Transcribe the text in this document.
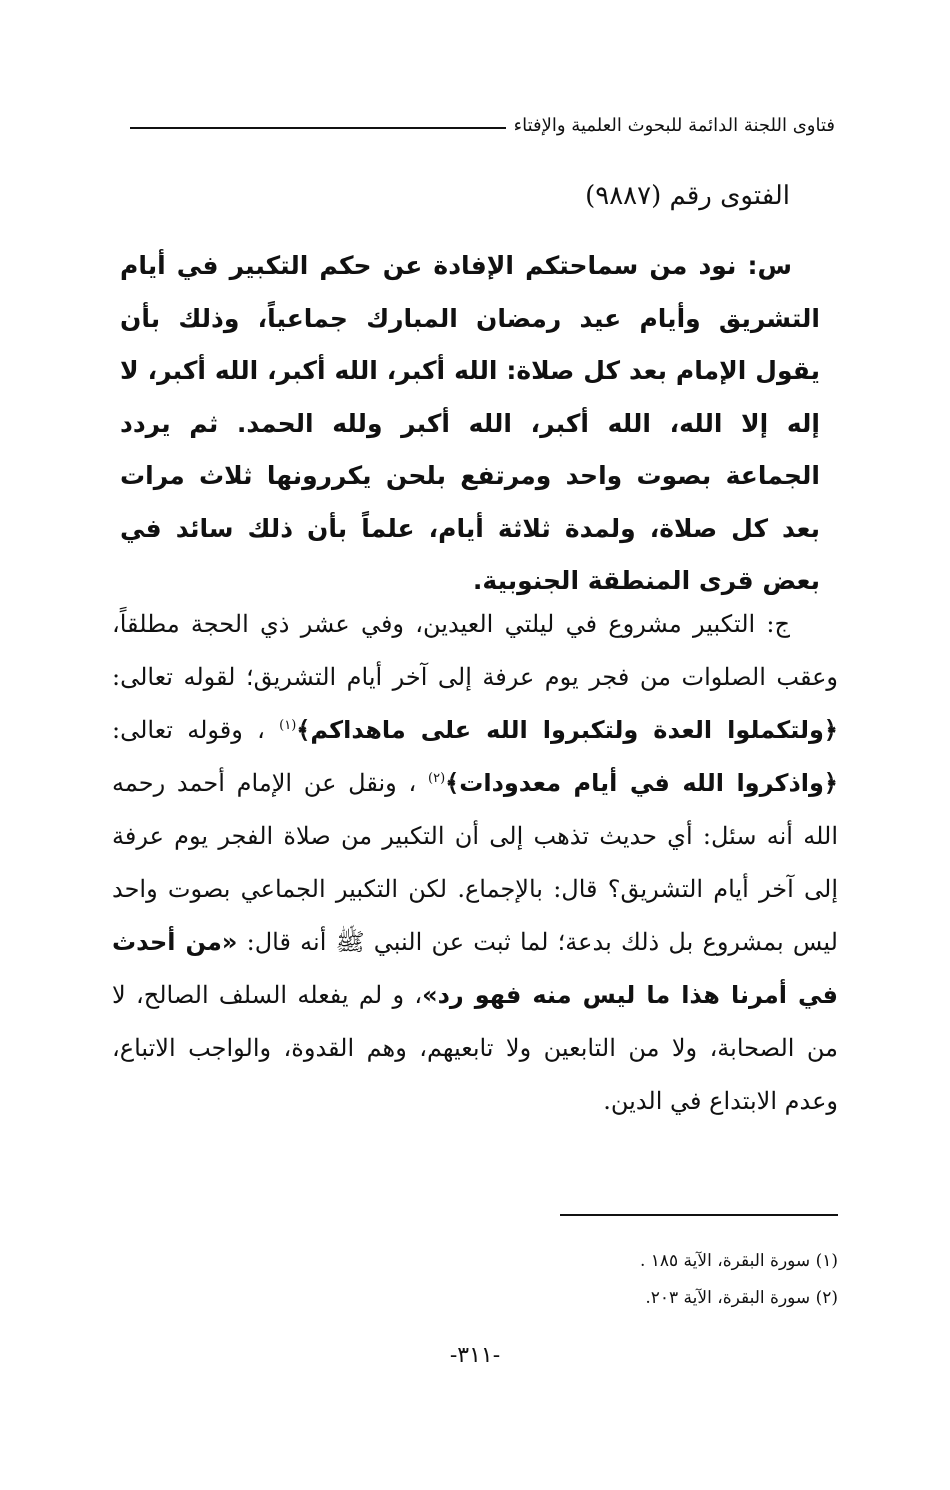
فتاوى اللجنة الدائمة للبحوث العلمية والإفتاء
الفتوى رقم (٩٨٨٧)
س: نود من سماحتكم الإفادة عن حكم التكبير في أيام التشريق وأيام عيد رمضان المبارك جماعياً، وذلك بأن يقول الإمام بعد كل صلاة: الله أكبر، الله أكبر، الله أكبر، لا إله إلا الله، الله أكبر، الله أكبر ولله الحمد. ثم يردد الجماعة بصوت واحد ومرتفع بلحن يكررونها ثلاث مرات بعد كل صلاة، ولمدة ثلاثة أيام، علماً بأن ذلك سائد في بعض قرى المنطقة الجنوبية.
ج: التكبير مشروع في ليلتي العيدين، وفي عشر ذي الحجة مطلقاً، وعقب الصلوات من فجر يوم عرفة إلى آخر أيام التشريق؛ لقوله تعالى: ﴿ولتكملوا العدة ولتكبروا الله على ماهداكم﴾$^{(١)}$ ، وقوله تعالى: ﴿واذكروا الله في أيام معدودات﴾$^{(٢)}$ ، ونقل عن الإمام أحمد رحمه الله أنه سئل: أي حديث تذهب إلى أن التكبير من صلاة الفجر يوم عرفة إلى آخر أيام التشريق؟ قال: بالإجماع. لكن التكبير الجماعي بصوت واحد ليس بمشروع بل ذلك بدعة؛ لما ثبت عن النبي ﷺ أنه قال: «من أحدث في أمرنا هذا ما ليس منه فهو رد»، و لم يفعله السلف الصالح، لا من الصحابة، ولا من التابعين ولا تابعيهم، وهم القدوة، والواجب الاتباع، وعدم الابتداع في الدين.
(١) سورة البقرة، الآية ١٨٥ .
(٢) سورة البقرة، الآية ٢٠٣.
-٣١١-
